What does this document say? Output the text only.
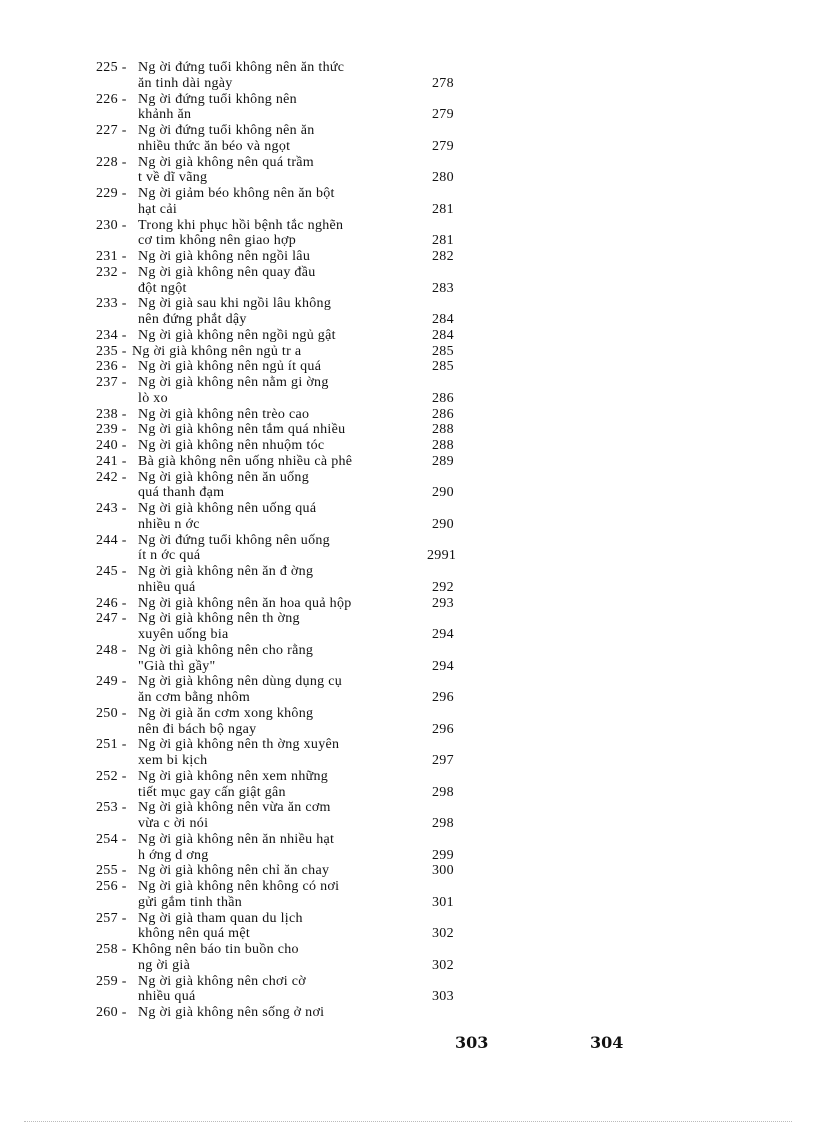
225 - Ng ời đứng tuổi không nên ăn thức
ăn tinh dài ngày	278
226 - Ng ời đứng tuổi không nên
khảnh ăn	279
227 - Ng ời đứng tuổi không nên ăn
nhiều thức ăn béo và ngọt	279
228 - Ng ời già không nên quá trầm
t về dĩ vãng	280
229 - Ng ời giảm béo không nên ăn bột
hạt cải	281
230 - Trong khi phục hồi bệnh tắc nghẽn
cơ tim không nên giao hợp	281
231 - Ng ời già không nên ngồi lâu	282
232 - Ng ời già không nên quay đầu
đột ngột	283
233 - Ng ời già sau khi ngồi lâu không
nên đứng phắt dậy	284
234 - Ng ời già không nên ngồi ngủ gật	284
235 - Ng ời già không nên ngủ tr a	285
236 - Ng ời già không nên ngủ ít quá	285
237 - Ng ời già không nên nằm gi ờng
lò xo	286
238 - Ng ời già không nên trèo cao	286
239 - Ng ời già không nên tắm quá nhiều	288
240 - Ng ời già không nên nhuộm tóc	288
241 - Bà già không nên uống nhiều cà phê	289
242 - Ng ời già không nên ăn uống
quá thanh đạm	290
243 - Ng ời già không nên uống quá
nhiều n ớc	290
244 - Ng ời đứng tuổi không nên uống
ít n ớc quá	2991
245 - Ng ời già không nên ăn đ ờng
nhiều quá	292
246 - Ng ời già không nên ăn hoa quả hộp	293
247 - Ng ời già không nên th ờng
xuyên uống bia	294
248 - Ng ời già không nên cho rằng
"Già thì gầy"	294
249 - Ng ời già không nên dùng dụng cụ
ăn cơm bằng nhôm	296
250 - Ng ời già ăn cơm xong không
nên đi bách bộ ngay	296
251 - Ng ời già không nên th ờng xuyên
xem bi kịch	297
252 - Ng ời già không nên xem những
tiết mục gay cấn giật gân	298
253 - Ng ời già không nên vừa ăn cơm
vừa c ời nói	298
254 - Ng ời già không nên ăn nhiều hạt
h ớng d ơng	299
255 - Ng ời già không nên chỉ ăn chay	300
256 - Ng ời già không nên không có nơi
gửi gắm tinh thần	301
257 - Ng ời già tham quan du lịch
không nên quá mệt	302
258 - Không nên báo tin buồn cho
ng ời già	302
259 - Ng ời già không nên chơi cờ
nhiều quá	303
260 - Ng ời già không nên sống ở nơi
303	304
